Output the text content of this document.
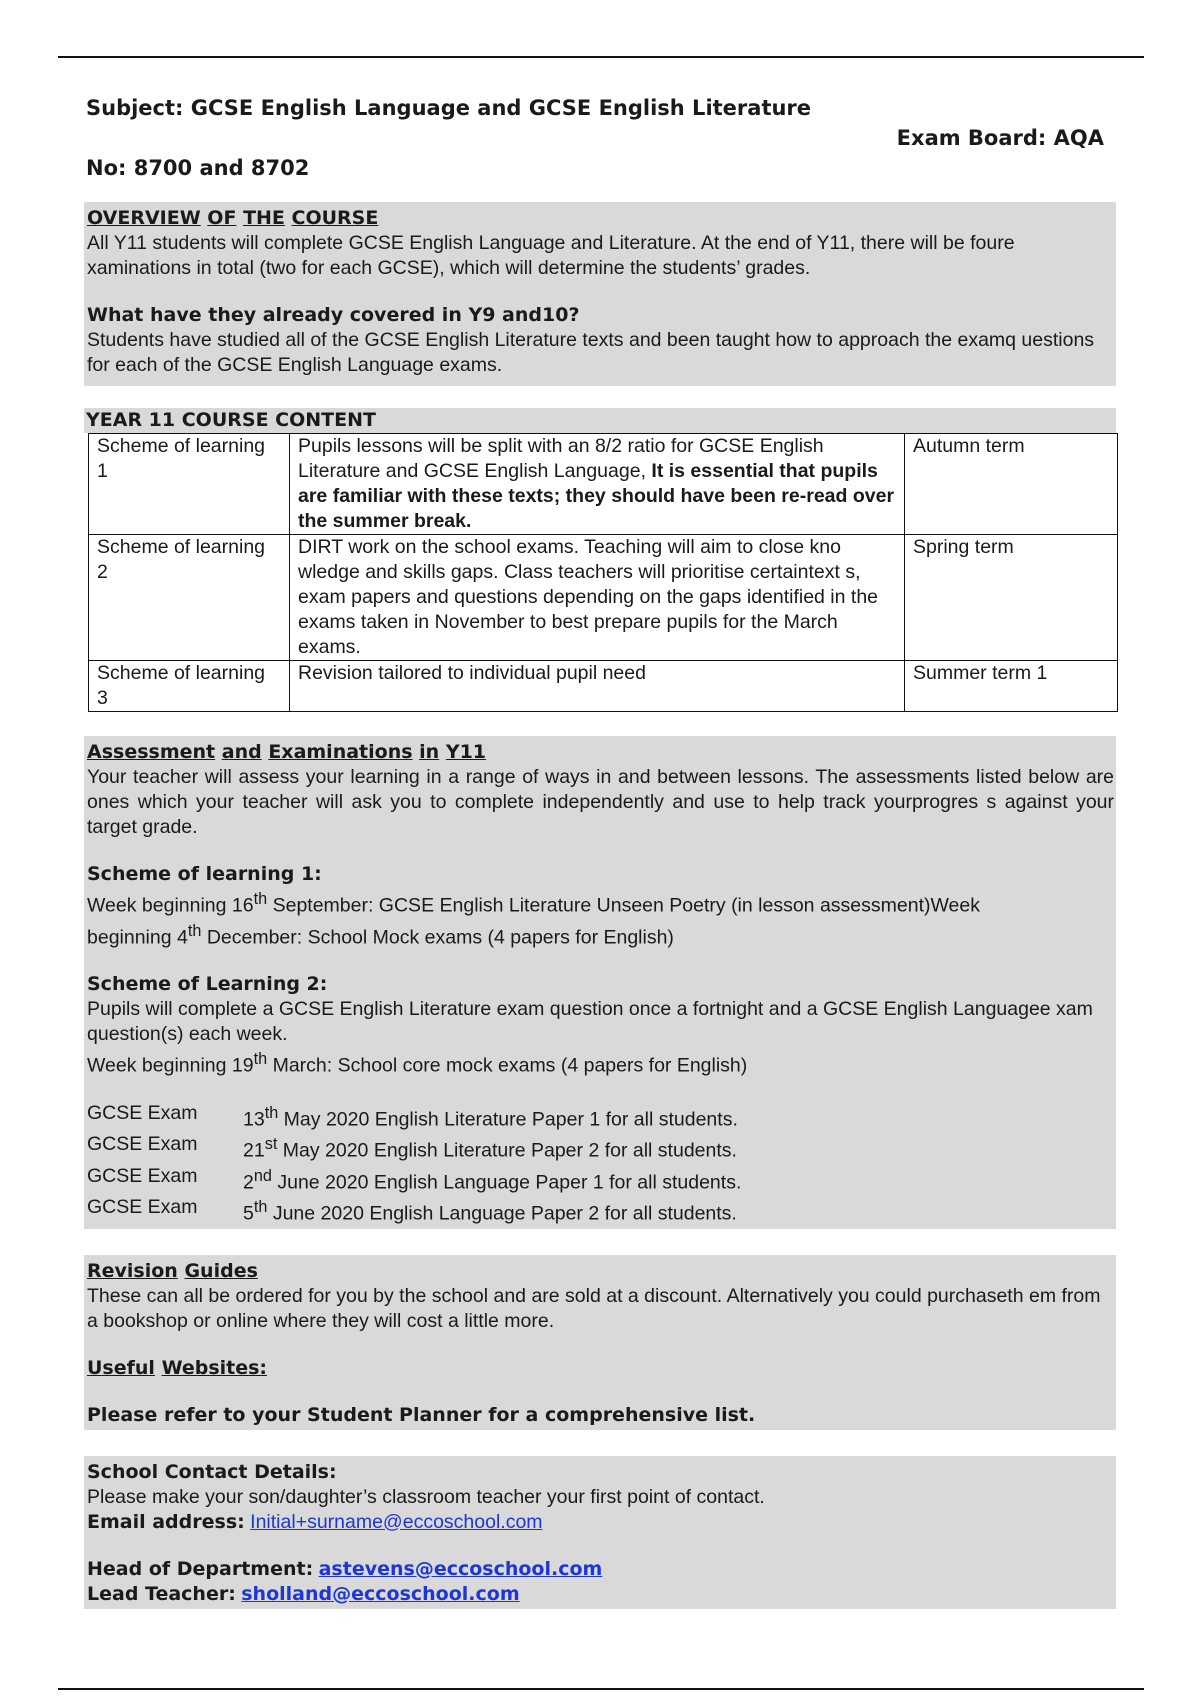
Subject: GCSE English Language and GCSE English Literature
Exam Board: AQA
No: 8700 and 8702
OVERVIEW OF THE COURSE
All Y11 students will complete GCSE English Language and Literature. At the end of Y11, there will be foure xaminations in total (two for each GCSE), which will determine the students’ grades.
What have they already covered in Y9 and10?
Students have studied all of the GCSE English Literature texts and been taught how to approach the examq uestions for each of the GCSE English Language exams.
YEAR 11 COURSE CONTENT
Scheme of learning 1	Pupils lessons will be split with an 8/2 ratio for GCSE English Literature and GCSE English Language, It is essential that pupils are familiar with these texts; they should have been re-read over the summer break.	Autumn term
Scheme of learning 2	DIRT work on the school exams. Teaching will aim to close kno wledge and skills gaps. Class teachers will prioritise certaintext s, exam papers and questions depending on the gaps identified in the exams taken in November to best prepare pupils for the March exams.	Spring term
Scheme of learning 3	Revision tailored to individual pupil need	Summer term 1
Assessment and Examinations in Y11
Your teacher will assess your learning in a range of ways in and between lessons. The assessments listed below are ones which your teacher will ask you to complete independently and use to help track yourprogres s against your target grade.
Scheme of learning 1:
Week beginning 16th September: GCSE English Literature Unseen Poetry (in lesson assessment)Week
beginning 4th December: School Mock exams (4 papers for English)
Scheme of Learning 2:
Pupils will complete a GCSE English Literature exam question once a fortnight and a GCSE English Languagee xam question(s) each week.
Week beginning 19th March: School core mock exams (4 papers for English)
GCSE Exam	13th May 2020 English Literature Paper 1 for all students.
GCSE Exam	21st May 2020 English Literature Paper 2 for all students.
GCSE Exam	2nd June 2020 English Language Paper 1 for all students.
GCSE Exam	5th June 2020 English Language Paper 2 for all students.
Revision Guides
These can all be ordered for you by the school and are sold at a discount. Alternatively you could purchaseth em from a bookshop or online where they will cost a little more.
Useful Websites:
Please refer to your Student Planner for a comprehensive list.
School Contact Details:
Please make your son/daughter’s classroom teacher your first point of contact.
Email address: Initial+surname@eccoschool.com
Head of Department: astevens@eccoschool.com
Lead Teacher: sholland@eccoschool.com
